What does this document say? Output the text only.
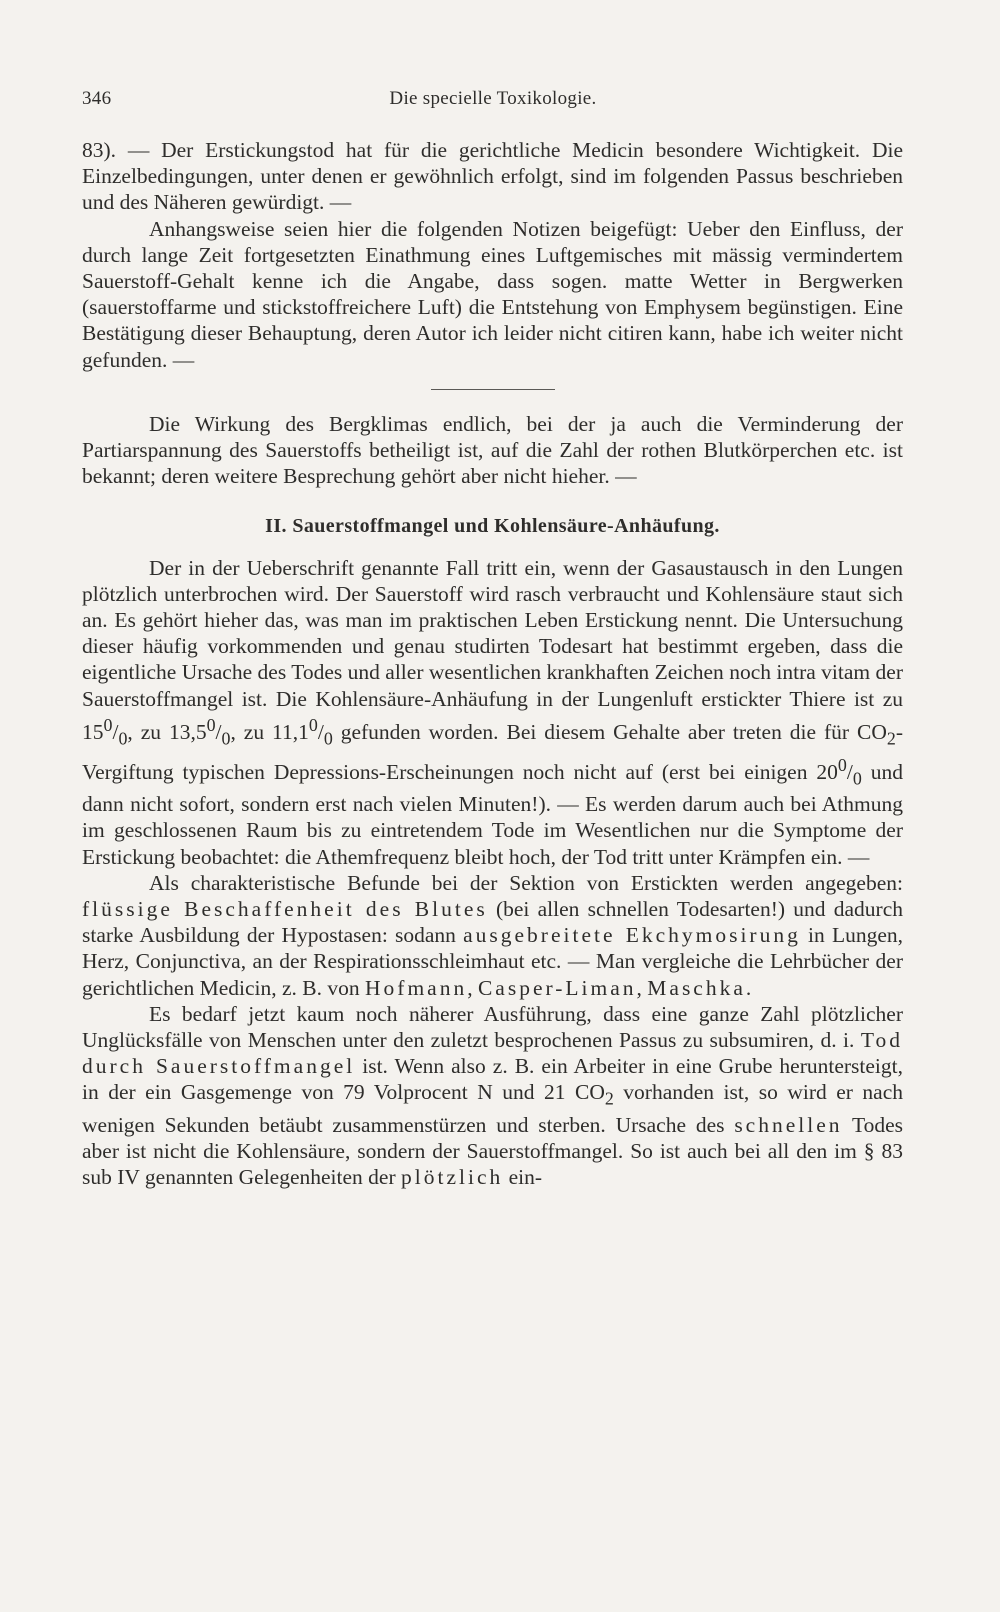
346	Die specielle Toxikologie.

83). — Der Erstickungstod hat für die gerichtliche Medicin besondere Wichtigkeit. Die Einzelbedingungen, unter denen er gewöhnlich erfolgt, sind im folgenden Passus beschrieben und des Näheren gewürdigt. —

Anhangsweise seien hier die folgenden Notizen beigefügt: Ueber den Einfluss, der durch lange Zeit fortgesetzten Einathmung eines Luftgemisches mit mässig vermindertem Sauerstoff-Gehalt kenne ich die Angabe, dass sogen. matte Wetter in Bergwerken (sauerstoffarme und stickstoffreichere Luft) die Entstehung von Emphysem begünstigen. Eine Bestätigung dieser Behauptung, deren Autor ich leider nicht citiren kann, habe ich weiter nicht gefunden. —

Die Wirkung des Bergklimas endlich, bei der ja auch die Verminderung der Partiarspannung des Sauerstoffs betheiligt ist, auf die Zahl der rothen Blutkörperchen etc. ist bekannt; deren weitere Besprechung gehört aber nicht hieher. —

II. Sauerstoffmangel und Kohlensäure-Anhäufung.

Der in der Ueberschrift genannte Fall tritt ein, wenn der Gasaustausch in den Lungen plötzlich unterbrochen wird. Der Sauerstoff wird rasch verbraucht und Kohlensäure staut sich an. Es gehört hieher das, was man im praktischen Leben Erstickung nennt. Die Untersuchung dieser häufig vorkommenden und genau studirten Todesart hat bestimmt ergeben, dass die eigentliche Ursache des Todes und aller wesentlichen krankhaften Zeichen noch intra vitam der Sauerstoffmangel ist. Die Kohlensäure-Anhäufung in der Lungenluft erstickter Thiere ist zu $15^0/_0$, zu $13,5^0/_0$, zu $11,1^0/_0$ gefunden worden. Bei diesem Gehalte aber treten die für $CO_2$-Vergiftung typischen Depressions-Erscheinungen noch nicht auf (erst bei einigen $20^0/_0$ und dann nicht sofort, sondern erst nach vielen Minuten!). — Es werden darum auch bei Athmung im geschlossenen Raum bis zu eintretendem Tode im Wesentlichen nur die Symptome der Erstickung beobachtet: die Athemfrequenz bleibt hoch, der Tod tritt unter Krämpfen ein. —

Als charakteristische Befunde bei der Sektion von Erstickten werden angegeben: flüssige Beschaffenheit des Blutes (bei allen schnellen Todesarten!) und dadurch starke Ausbildung der Hypostasen: sodann ausgebreitete Ekchymosirung in Lungen, Herz, Conjunctiva, an der Respirationsschleimhaut etc. — Man vergleiche die Lehrbücher der gerichtlichen Medicin, z. B. von Hofmann, Casper-Liman, Maschka.

Es bedarf jetzt kaum noch näherer Ausführung, dass eine ganze Zahl plötzlicher Unglücksfälle von Menschen unter den zuletzt besprochenen Passus zu subsumiren, d. i. Tod durch Sauerstoffmangel ist. Wenn also z. B. ein Arbeiter in eine Grube heruntersteigt, in der ein Gasgemenge von 79 Volprocent N und 21 $CO_2$ vorhanden ist, so wird er nach wenigen Sekunden betäubt zusammenstürzen und sterben. Ursache des schnellen Todes aber ist nicht die Kohlensäure, sondern der Sauerstoffmangel. So ist auch bei all den im § 83 sub IV genannten Gelegenheiten der plötzlich ein-
